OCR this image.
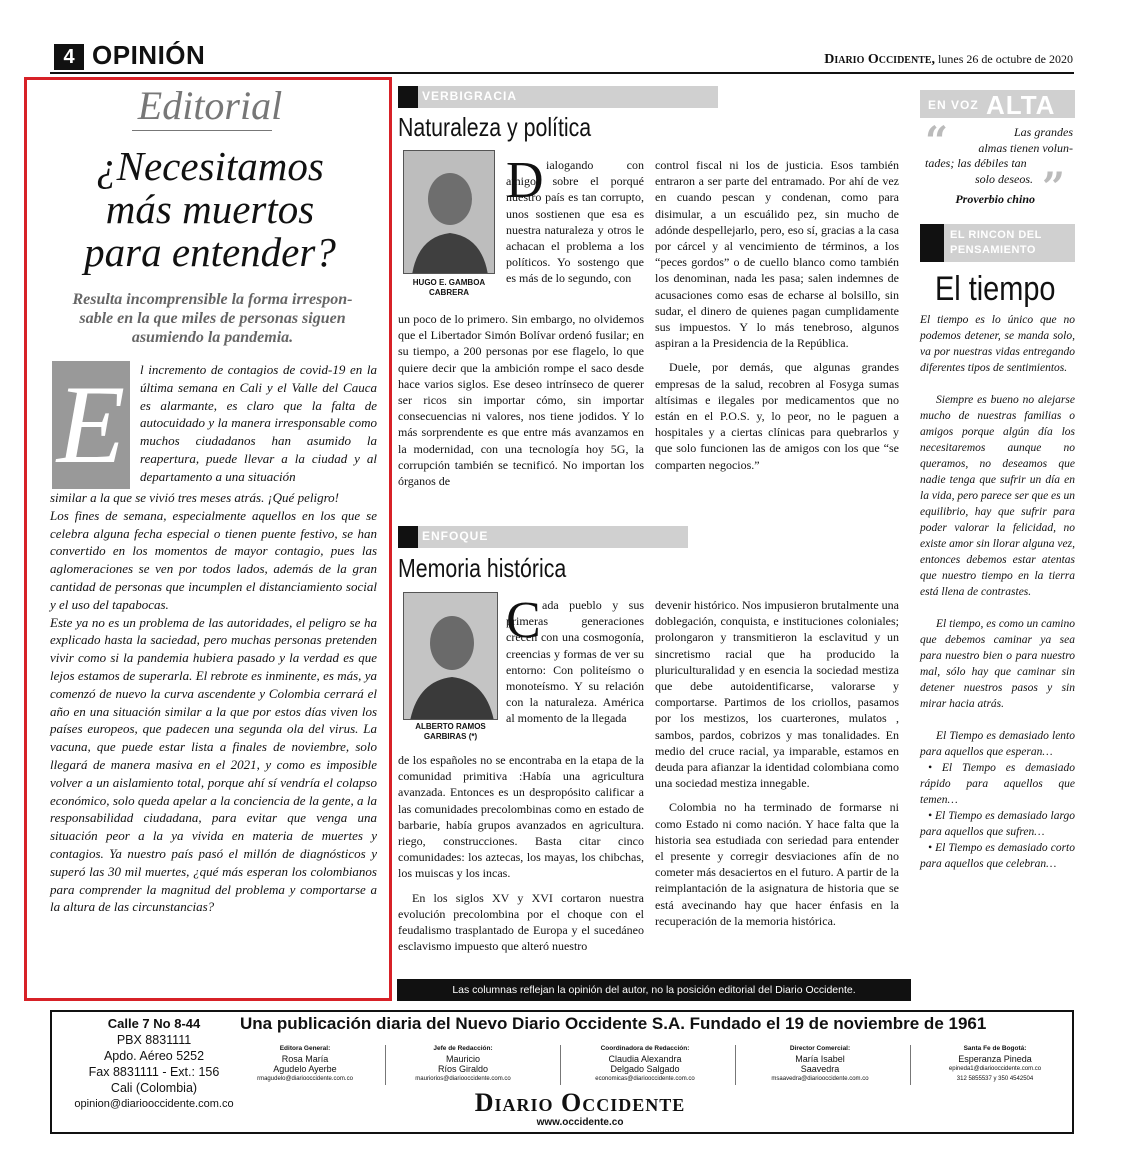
4 OPINIÓN	Diario Occidente, lunes 26 de octubre de 2020
Editorial
¿Necesitamos
más muertos
para entender?
Resulta incomprensible la forma irrespon-
sable en la que miles de personas siguen
asumiendo la pandemia.
E	l incremento de contagios de covid-19 en la última semana en Cali y el Valle del Cauca es alarmante, es claro que la falta de autocuidado y la manera irresponsable como muchos ciudadanos han asumido la reapertura, puede llevar a la ciudad y al departamento a una situación

similar a la que se vivió tres meses atrás. ¡Qué peligro!

Los fines de semana, especialmente aquellos en los que se celebra alguna fecha especial o tienen puente festivo, se han convertido en los momentos de mayor contagio, pues las aglomeraciones se ven por todos lados, además de la gran cantidad de personas que incumplen el distanciamiento social y el uso del tapabocas.

Este ya no es un problema de las autoridades, el peligro se ha explicado hasta la saciedad, pero muchas personas pretenden vivir como si la pandemia hubiera pasado y la verdad es que lejos estamos de superarla. El rebrote es inminente, es más, ya comenzó de nuevo la curva ascendente y Colombia cerrará el año en una situación similar a la que por estos días viven los países europeos, que padecen una segunda ola del virus. La vacuna, que puede estar lista a finales de noviembre, solo llegará de manera masiva en el 2021, y como es imposible volver a un aislamiento total, porque ahí sí vendría el colapso económico, solo queda apelar a la conciencia de la gente, a la responsabilidad ciudadana, para evitar que venga una situación peor a la ya vivida en materia de muertes y contagios. Ya nuestro país pasó el millón de diagnósticos y superó las 30 mil muertes, ¿qué más esperan los colombianos para comprender la magnitud del problema y comportarse a la altura de las circunstancias?

VERBIGRACIA
Naturaleza y política
HUGO E. GAMBOA
CABRERA
D ialogando con amigos sobre el porqué nuestro país es tan corrupto, unos sostienen que esa es nuestra naturaleza y otros le achacan el problema a los políticos. Yo sostengo que es más de lo segundo, con

un poco de lo primero. Sin embargo, no olvidemos que el Libertador Simón Bolívar ordenó fusilar; en su tiempo, a 200 personas por ese flagelo, lo que quiere decir que la ambición rompe el saco desde hace varios siglos. Ese deseo intrínseco de querer ser ricos sin importar cómo, sin importar consecuencias ni valores, nos tiene jodidos. Y lo más sorprendente es que entre más avanzamos en la modernidad, con una tecnología hoy 5G, la corrupción también se tecnificó. No importan los órganos de

control fiscal ni los de justicia. Esos también entraron a ser parte del entramado. Por ahí de vez en cuando pescan y condenan, como para disimular, a un escuálido pez, sin mucho de adónde despellejarlo, pero, eso sí, gracias a la casa por cárcel y al vencimiento de términos, a los “peces gordos” o de cuello blanco como también los denominan, nada les pasa; salen indemnes de acusaciones como esas de echarse al bolsillo, sin sudar, el dinero de quienes pagan cumplidamente sus impuestos. Y lo más tenebroso, algunos aspiran a la Presidencia de la República.

Duele, por demás, que algunas grandes empresas de la salud, recobren al Fosyga sumas altísimas e ilegales por medicamentos que no están en el P.O.S. y, lo peor, no le paguen a hospitales y a ciertas clínicas para quebrarlos y que solo funcionen las de amigos con los que “se comparten negocios.”

ENFOQUE
Memoria histórica
ALBERTO RAMOS
GARBIRAS (*)
C ada pueblo y sus primeras generaciones crecen con una cosmogonía, creencias y formas de ver su entorno: Con politeísmo o monoteísmo. Y su relación con la naturaleza. América al momento de la llegada

de los españoles no se encontraba en la etapa de la comunidad primitiva :Había una agricultura avanzada. Entonces es un despropósito calificar a las comunidades precolombinas como en estado de barbarie, había grupos avanzados en agricultura. riego, construcciones. Basta citar cinco comunidades: los aztecas, los mayas, los chibchas, los muiscas y los incas.

En los siglos XV y XVI cortaron nuestra evolución precolombina por el choque con el feudalismo trasplantado de Europa y el sucedáneo esclavismo impuesto que alteró nuestro

devenir histórico. Nos impusieron brutalmente una doblegación, conquista, e instituciones coloniales; prolongaron y transmitieron la esclavitud y un sincretismo racial que ha producido la pluriculturalidad y en esencia la sociedad mestiza que debe autoidentificarse, valorarse y comportarse. Partimos de los criollos, pasamos por los mestizos, los cuarterones, mulatos , sambos, pardos, cobrizos y mas tonalidades. En medio del cruce racial, ya imparable, estamos en deuda para afianzar la identidad colombiana como una sociedad mestiza innegable.

Colombia no ha terminado de formarse ni como Estado ni como nación. Y hace falta que la historia sea estudiada con seriedad para entender el presente y corregir desviaciones afín de no cometer más desaciertos en el futuro. A partir de la reimplantación de la asignatura de historia que se está avecinando hay que hacer énfasis en la recuperación de la memoria histórica.

EN VOZ ALTA
“	Las grandes
almas tienen volun-
tades; las débiles tan
solo deseos.
Proverbio chino ”
EL RINCON DEL
PENSAMIENTO
El tiempo

El tiempo es lo único que no podemos detener, se manda solo, va por nuestras vidas entregando diferentes tipos de sentimientos.

Siempre es bueno no alejarse mucho de nuestras familias o amigos porque algún día los necesitaremos aunque no queramos, no deseamos que nadie tenga que sufrir un día en la vida, pero parece ser que es un equilibrio, hay que sufrir para poder valorar la felicidad, no existe amor sin llorar alguna vez, entonces debemos estar atentas que nuestro tiempo en la tierra está llena de contrastes.

El tiempo, es como un camino que debemos caminar ya sea para nuestro bien o para nuestro mal, sólo hay que caminar sin detener nuestros pasos y sin mirar hacia atrás.

El Tiempo es demasiado lento para aquellos que esperan…

• El Tiempo es demasiado rápido para aquellos que temen…

• El Tiempo es demasiado largo para aquellos que sufren…

• El Tiempo es demasiado corto para aquellos que celebran…

Las columnas reflejan la opinión del autor, no la posición editorial del Diario Occidente.
Calle 7 No 8-44
PBX 8831111
Apdo. Aéreo 5252
Fax 8831111 - Ext.: 156
Cali (Colombia)
opinion@diariooccidente.com.co
Una publicación diaria del Nuevo Diario Occidente S.A. Fundado el 19 de noviembre de 1961
Editora General:
Rosa María
Agudelo Ayerbe
rmagudelo@diariooccidente.com.co
Jefe de Redacción:
Mauricio
Ríos Giraldo
mauriorios@diariooccidente.com.co
Coordinadora de Redacción:
Claudia Alexandra
Delgado Salgado
economicas@diariooccidente.com.co
Director Comercial:
María Isabel
Saavedra
msaavedra@diariooccidente.com.co
Santa Fe de Bogotá:
Esperanza Pineda
epineda1@diariooccidente.com.co
312 5855537 y 350 4542504
Diario Occidente
www.occidente.co
